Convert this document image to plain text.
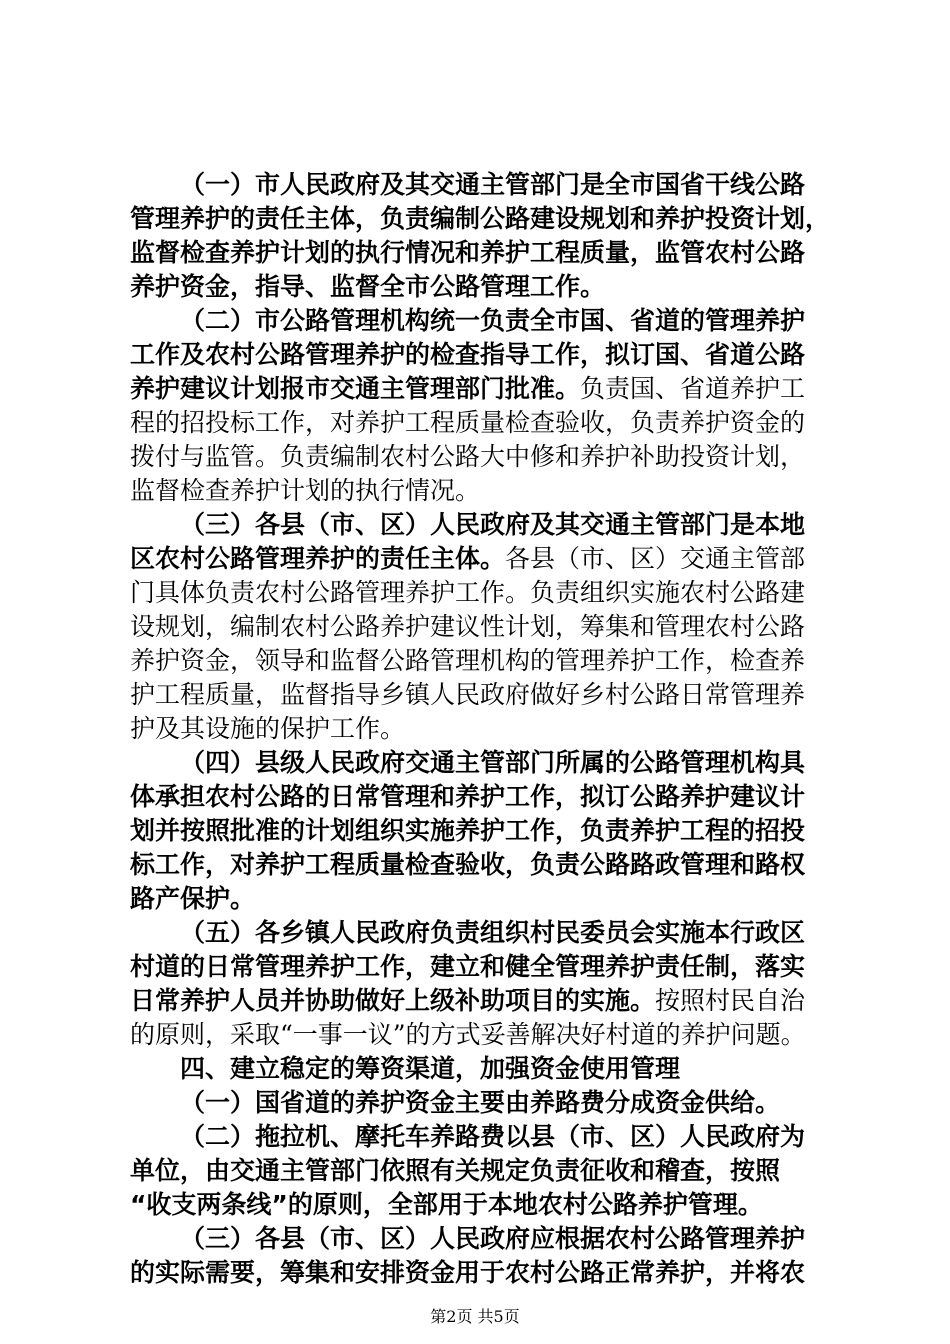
（一）市人民政府及其交通主管部门是全市国省干线公路
管理养护的责任主体，负责编制公路建设规划和养护投资计划，
监督检查养护计划的执行情况和养护工程质量，监管农村公路
养护资金，指导、监督全市公路管理工作。
（二）市公路管理机构统一负责全市国、省道的管理养护
工作及农村公路管理养护的检查指导工作，拟订国、省道公路
养护建议计划报市交通主管理部门批准。负责国、省道养护工
程的招投标工作，对养护工程质量检查验收，负责养护资金的
拨付与监管。负责编制农村公路大中修和养护补助投资计划，
监督检查养护计划的执行情况。
（三）各县（市、区）人民政府及其交通主管部门是本地
区农村公路管理养护的责任主体。各县（市、区）交通主管部
门具体负责农村公路管理养护工作。负责组织实施农村公路建
设规划，编制农村公路养护建议性计划，筹集和管理农村公路
养护资金，领导和监督公路管理机构的管理养护工作，检查养
护工程质量，监督指导乡镇人民政府做好乡村公路日常管理养
护及其设施的保护工作。
（四）县级人民政府交通主管部门所属的公路管理机构具
体承担农村公路的日常管理和养护工作，拟订公路养护建议计
划并按照批准的计划组织实施养护工作，负责养护工程的招投
标工作，对养护工程质量检查验收，负责公路路政管理和路权
路产保护。
（五）各乡镇人民政府负责组织村民委员会实施本行政区
村道的日常管理养护工作，建立和健全管理养护责任制，落实
日常养护人员并协助做好上级补助项目的实施。按照村民自治
的原则，采取“一事一议”的方式妥善解决好村道的养护问题。
四、建立稳定的筹资渠道，加强资金使用管理
（一）国省道的养护资金主要由养路费分成资金供给。
（二）拖拉机、摩托车养路费以县（市、区）人民政府为
单位，由交通主管部门依照有关规定负责征收和稽查，按照
“收支两条线”的原则，全部用于本地农村公路养护管理。
（三）各县（市、区）人民政府应根据农村公路管理养护
的实际需要，筹集和安排资金用于农村公路正常养护，并将农
第2页 共5页
